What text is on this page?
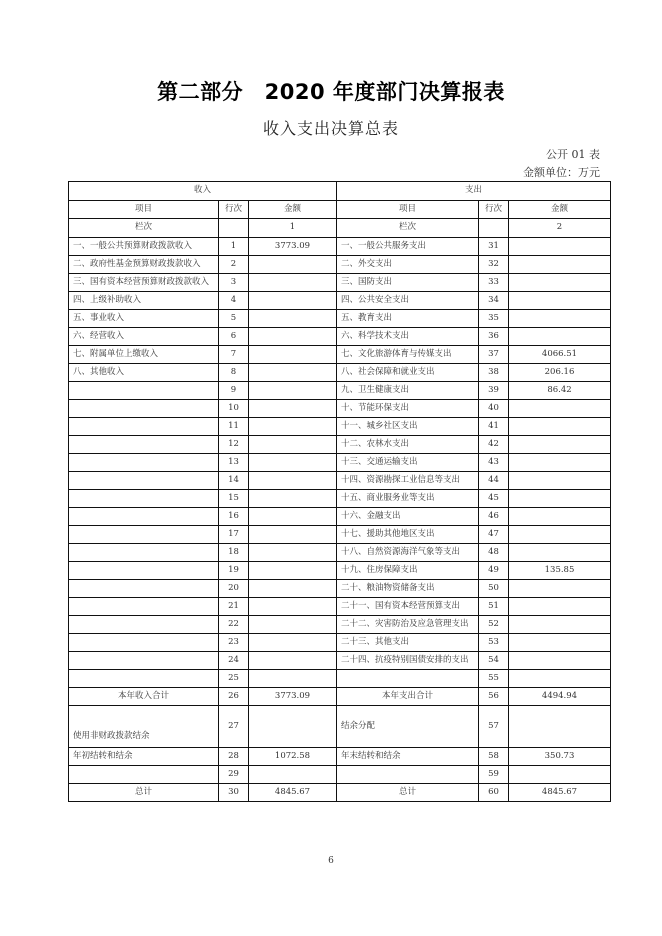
第二部分　2020 年度部门决算报表
收入支出决算总表
公开 01 表
金额单位：万元
收入			支出		
项目	行次	金额	项目	行次	金额
栏次		1	栏次		2
一、一般公共预算财政拨款收入	1	3773.09	一、一般公共服务支出	31	
二、政府性基金预算财政拨款收入	2		二、外交支出	32	
三、国有资本经营预算财政拨款收入	3		三、国防支出	33	
四、上级补助收入	4		四、公共安全支出	34	
五、事业收入	5		五、教育支出	35	
六、经营收入	6		六、科学技术支出	36	
七、附属单位上缴收入	7		七、文化旅游体育与传媒支出	37	4066.51
八、其他收入	8		八、社会保障和就业支出	38	206.16
	9		九、卫生健康支出	39	86.42
	10		十、节能环保支出	40	
	11		十一、城乡社区支出	41	
	12		十二、农林水支出	42	
	13		十三、交通运输支出	43	
	14		十四、资源勘探工业信息等支出	44	
	15		十五、商业服务业等支出	45	
	16		十六、金融支出	46	
	17		十七、援助其他地区支出	47	
	18		十八、自然资源海洋气象等支出	48	
	19		十九、住房保障支出	49	135.85
	20		二十、粮油物资储备支出	50	
	21		二十一、国有资本经营预算支出	51	
	22		二十二、灾害防治及应急管理支出	52	
	23		二十三、其他支出	53	
	24		二十四、抗疫特别国债安排的支出	54	
	25			55	
本年收入合计	26	3773.09	本年支出合计	56	4494.94
使用非财政拨款结余	27		结余分配	57	
年初结转和结余	28	1072.58	年末结转和结余	58	350.73
	29			59	
总计	30	4845.67	总计	60	4845.67
6
